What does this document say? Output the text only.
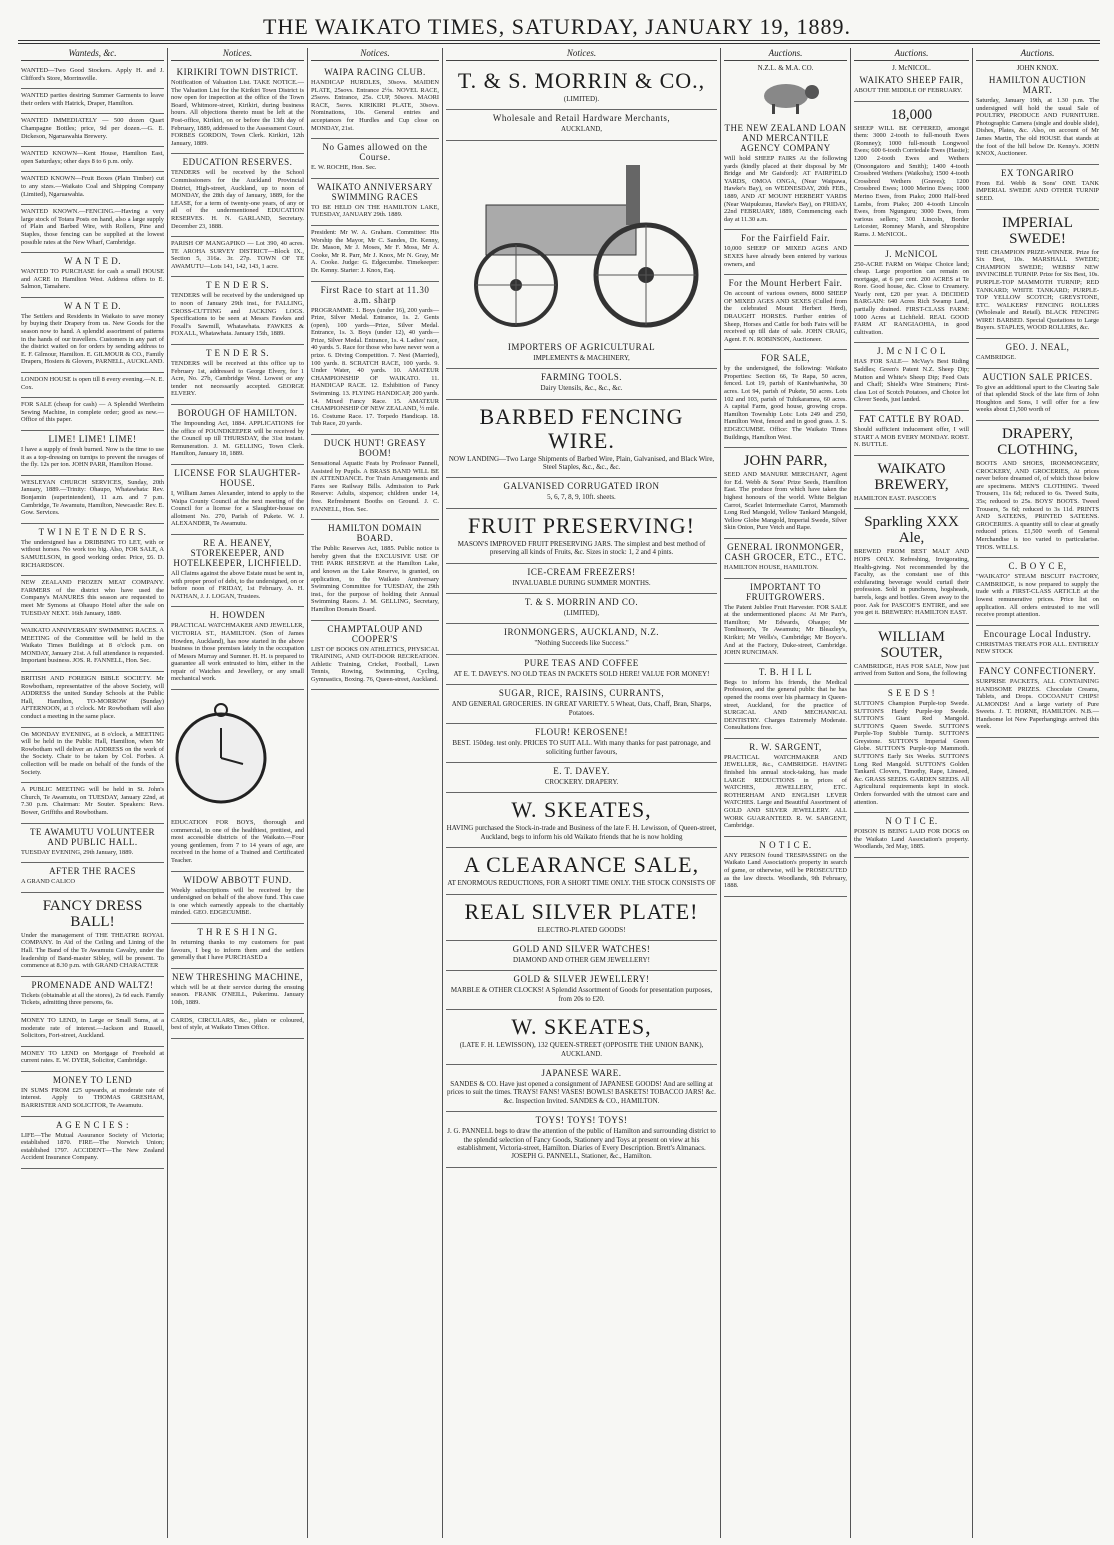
THE WAIKATO TIMES, SATURDAY, JANUARY 19, 1889.
Wanteds, &c.

WANTED—Two Good Stockers. Apply H. and J. Clifford's Store, Morrinsville.

WANTED parties desiring Summer Garments to leave their orders with Hatrick, Draper, Hamilton.

WANTED IMMEDIATELY — 500 dozen Quart Champagne Bottles; price, 9d per dozen.—G. E. Dickeson, Ngaruawahia Brewery.

WANTED KNOWN—Kent House, Hamilton East, open Saturdays; other days 8 to 6 p.m. only.

WANTED KNOWN—Fruit Boxes (Plain Timber) cut to any sizes.—Waikato Coal and Shipping Company (Limited), Ngaruawahia.

WANTED KNOWN.—FENCING.—Having a very large stock of Totara Posts on hand, also a large supply of Plain and Barbed Wire, with Rollers, Pine and Staples, those fencing can be supplied at the lowest possible rates at the New Wharf, Cambridge.

W A N T E D.

WANTED TO PURCHASE for cash a small HOUSE and ACRE in Hamilton West. Address offers to E. Salmon, Tamahere.

W A N T E D.

The Settlers and Residents in Waikato to save money by buying their Drapery from us. New Goods for the season now to hand. A splendid assortment of patterns in the hands of our travellers. Customers in any part of the district waited on for orders by sending address to E. F. Gilmour, Hamilton. E. GILMOUR & CO., Family Drapers, Hosiers & Glovers, PARNELL, AUCKLAND.

LONDON HOUSE is open till 8 every evening.—N. E. Cox.

FOR SALE (cheap for cash) — A Splendid Wertheim Sewing Machine, in complete order; good as new.—Office of this paper.

LIME! LIME! LIME!

I have a supply of fresh burned. Now is the time to use it as a top-dressing on turnips to prevent the ravages of the fly. 12s per ton. JOHN PARR, Hamilton House.

WESLEYAN CHURCH SERVICES, Sunday, 20th January, 1889.—Trinity: Ohaupo, Whatawhata: Rev. Bonjamin (superintendent), 11 a.m. and 7 p.m. Cambridge, Te Awamutu, Hamilton, Newcastle: Rev. E. Gow. Services.

T W I N E T E N D E R S.

The undersigned has a DRIBBING TO LET, with or without horses. No work too big. Also, FOR SALE, A SAMUELSON, in good working order. Price, £6. D. RICHARDSON.

NEW ZEALAND FROZEN MEAT COMPANY. FARMERS of the district who have used the Company's MANURES this season are requested to meet Mr Symons at Ohaupo Hotel after the sale on TUESDAY NEXT. 16th January, 1889.

WAIKATO ANNIVERSARY SWIMMING RACES. A MEETING of the Committee will be held in the Waikato Times Buildings at 8 o'clock p.m. on MONDAY, January 21st. A full attendance is requested. Important business. JOS. R. FANNELL, Hon. Sec.

BRITISH AND FOREIGN BIBLE SOCIETY. Mr Rowbotham, representative of the above Society, will ADDRESS the united Sunday Schools at the Public Hall, Hamilton, TO-MORROW (Sunday) AFTERNOON, at 3 o'clock. Mr Rowbotham will also conduct a meeting in the same place.

On MONDAY EVENING, at 8 o'clock, a MEETING will be held in the Public Hall, Hamilton, when Mr Rowbotham will deliver an ADDRESS on the work of the Society. Chair to be taken by Col. Forbes. A collection will be made on behalf of the funds of the Society.

A PUBLIC MEETING will be held in St. John's Church, Te Awamutu, on TUESDAY, January 22nd, at 7.30 p.m. Chairman: Mr Souter. Speakers: Revs. Bower, Griffiths and Rowbotham.

TE AWAMUTU VOLUNTEER AND PUBLIC HALL.

TUESDAY EVENING, 29th January, 1889.

AFTER THE RACES

A GRAND CALICO

FANCY DRESS BALL!

Under the management of THE THEATRE ROYAL COMPANY. In Aid of the Ceiling and Lining of the Hall. The Band of the Te Awamutu Cavalry, under the leadership of Band-master Sibley, will be present. To commence at 8.30 p.m. with GRAND CHARACTER

PROMENADE AND WALTZ!

Tickets (obtainable at all the stores), 2s 6d each. Family Tickets, admitting three persons, 6s.

MONEY TO LEND, in Large or Small Sums, at a moderate rate of interest.—Jackson and Russell, Solicitors, Fort-street, Auckland.

MONEY TO LEND on Mortgage of Freehold at current rates. E. W. DYER, Solicitor, Cambridge.

MONEY TO LEND

IN SUMS FROM £25 upwards, at moderate rate of interest. Apply to THOMAS GRESHAM, BARRISTER AND SOLICITOR, Te Awamutu.

A G E N C I E S :

LIFE—The Mutual Assurance Society of Victoria; established 1870. FIRE—The Norwich Union; established 1797. ACCIDENT—The New Zealand Accident Insurance Company.

Notices.
KIRIKIRI TOWN DISTRICT.

Notification of Valuation List. TAKE NOTICE.—The Valuation List for the Kirikiri Town District is now open for inspection at the office of the Town Board, Whitmore-street, Kirikiri, during business hours. All objections thereto must be left at the Post-office, Kirikiri, on or before the 13th day of February, 1889, addressed to the Assessment Court. FORBES GORDON, Town Clerk. Kirikiri, 12th January, 1889.

EDUCATION RESERVES.

TENDERS will be received by the School Commissioners for the Auckland Provincial District, High-street, Auckland, up to noon of MONDAY, the 28th day of January, 1889, for the LEASE, for a term of twenty-one years, of any or all of the undermentioned EDUCATION RESERVES. H. N. GARLAND, Secretary. December 23, 1888.

PARISH OF MANGAPIKO — Lot 390, 40 acres. TE AROHA SURVEY DISTRICT—Block IX., Section 5, 316a. 3r. 27p. TOWN OF TE AWAMUTU—Lots 141, 142, 143, 1 acre.

T E N D E R S.

TENDERS will be received by the undersigned up to noon of January 29th inst., for FALLING, CROSS-CUTTING and JACKING LOGS. Specifications to be seen at Messrs Fawkes and Foxall's Sawmill, Whatawhata. FAWKES & FOXALL, Whatawhata. January 15th, 1889.

T E N D E R S.

TENDERS will be received at this office up to February 1st, addressed to George Elvery, for 1 Acre, No. 27b, Cambridge West. Lowest or any tender not necessarily accepted. GEORGE ELVERY.

BOROUGH OF HAMILTON.

The Impounding Act, 1884. APPLICATIONS for the office of POUNDKEEPER will be received by the Council up till THURSDAY, the 31st instant. Remuneration. J. M. GELLING, Town Clerk. Hamilton, January 18, 1889.

LICENSE FOR SLAUGHTER-HOUSE.

I, William James Alexander, intend to apply to the Waipa County Council at the next meeting of the Council for a license for a Slaughter-house on allotment No. 270, Parish of Pukete. W. J. ALEXANDER, Te Awamutu.

RE A. HEANEY, STOREKEEPER, AND HOTELKEEPER, LICHFIELD.

All Claims against the above Estate must be sent in, with proper proof of debt, to the undersigned, on or before noon of FRIDAY, 1st February. A. H. NATHAN, J. J. LOGAN, Trustees.

H. HOWDEN

PRACTICAL WATCHMAKER AND JEWELLER, VICTORIA ST., HAMILTON. (Son of James Howden, Auckland), has now started in the above business in those premises lately in the occupation of Messrs Murray and Sumner. H. H. is prepared to guarantee all work entrusted to him, either in the repair of Watches and Jewellery, or any small mechanical work.

EDUCATION FOR BOYS, thorough and commercial, in one of the healthiest, prettiest, and most accessible districts of the Waikato.—Four young gentlemen, from 7 to 14 years of age, are received in the home of a Trained and Certificated Teacher.

WIDOW ABBOTT FUND.

Weekly subscriptions will be received by the undersigned on behalf of the above fund. This case is one which earnestly appeals to the charitably minded. GEO. EDGECUMBE.

T H R E S H I N G.

In returning thanks to my customers for past favours, I beg to inform them and the settlers generally that I have PURCHASED a

NEW THRESHING MACHINE,

which will be at their service during the ensuing season. FRANK O'NEILL, Pukerimu. January 10th, 1889.

CARDS, CIRCULARS, &c., plain or coloured, best of style, at Waikato Times Office.

Notices.
WAIPA RACING CLUB.

HANDICAP HURDLES, 30sovs. MAIDEN PLATE, 25sovs. Entrance 2½s. NOVEL RACE, 25sovs. Entrance, 25s. CUP, 50sovs. MAORI RACE, 5sovs. KIRIKIRI PLATE, 30sovs. Nominations, 10s. General entries and acceptances for Hurdles and Cup close on MONDAY, 21st.

No Games allowed on the Course.

E. W. ROCHE, Hon. Sec.

WAIKATO ANNIVERSARY SWIMMING RACES

TO BE HELD ON THE HAMILTON LAKE, TUESDAY, JANUARY 29th. 1889.

President: Mr W. A. Graham. Committee: His Worship the Mayor, Mr C. Sandes, Dr. Kenny, Dr. Mason, Mr J. Moses, Mr F. Moss, Mr A. Cooke, Mr R. Parr, Mr J. Knox, Mr N. Gray, Mr A. Cooke. Judge: G. Edgecumbe. Timekeeper: Dr. Kenny. Starter: J. Knox, Esq.

First Race to start at 11.30 a.m. sharp

PROGRAMME: 1. Boys (under 16), 200 yards—Prize, Silver Medal. Entrance, 1s. 2. Gents (open), 100 yards—Prize, Silver Medal. Entrance, 1s. 3. Boys (under 12), 40 yards—Prize, Silver Medal. Entrance, 1s. 4. Ladies' race, 40 yards. 5. Race for those who have never won a prize. 6. Diving Competition. 7. Nest (Married), 100 yards. 8. SCRATCH RACE, 100 yards. 9. Under Water, 40 yards. 10. AMATEUR CHAMPIONSHIP OF WAIKATO. 11. HANDICAP RACE. 12. Exhibition of Fancy Swimming. 13. FLYING HANDICAP, 200 yards. 14. Mixed Fancy Race. 15. AMATEUR CHAMPIONSHIP OF NEW ZEALAND, ½ mile. 16. Costume Race. 17. Torpedo Handicap. 18. Tub Race, 20 yards.

DUCK HUNT! GREASY BOOM!

Sensational Aquatic Feats by Professor Pannell, Assisted by Pupils. A BRASS BAND WILL BE IN ATTENDANCE. For Train Arrangements and Fares see Railway Bills. Admission to Park Reserve: Adults, sixpence; children under 14, free. Refreshment Booths on Ground. J. C. FANNELL, Hon. Sec.

HAMILTON DOMAIN BOARD.

The Public Reserves Act, 1885. Public notice is hereby given that the EXCLUSIVE USE OF THE PARK RESERVE at the Hamilton Lake, and known as the Lake Reserve, is granted, on application, to the Waikato Anniversary Swimming Committee for TUESDAY, the 29th inst., for the purpose of holding their Annual Swimming Races. J. M. GELLING, Secretary, Hamilton Domain Board.

CHAMPTALOUP AND COOPER'S

LIST OF BOOKS ON ATHLETICS, PHYSICAL TRAINING, AND OUT-DOOR RECREATION. Athletic Training, Cricket, Football, Lawn Tennis, Rowing, Swimming, Cycling, Gymnastics, Boxing. 76, Queen-street, Auckland.

Notices.
T. & S. MORRIN & CO.,

(LIMITED).

Wholesale and Retail Hardware Merchants,

AUCKLAND,

IMPORTERS OF AGRICULTURAL

IMPLEMENTS & MACHINERY,

FARMING TOOLS.

Dairy Utensils, &c., &c., &c.

BARBED FENCING WIRE.

NOW LANDING—Two Large Shipments of Barbed Wire, Plain, Galvanised, and Black Wire, Steel Staples, &c., &c., &c.

GALVANISED CORRUGATED IRON

5, 6, 7, 8, 9, 10ft. sheets.

FRUIT PRESERVING!

MASON'S IMPROVED FRUIT PRESERVING JARS. The simplest and best method of preserving all kinds of Fruits, &c. Sizes in stock: 1, 2 and 4 pints.

ICE-CREAM FREEZERS!

INVALUABLE DURING SUMMER MONTHS.

T. & S. MORRIN AND CO.

(LIMITED),

IRONMONGERS, AUCKLAND, N.Z.

"Nothing Succeeds like Success."

PURE TEAS AND COFFEE

AT E. T. DAVEY'S. NO OLD TEAS IN PACKETS SOLD HERE! VALUE FOR MONEY!

SUGAR, RICE, RAISINS, CURRANTS,

AND GENERAL GROCERIES. IN GREAT VARIETY. 5 Wheat, Oats, Chaff, Bran, Sharps, Potatoes.

FLOUR! KEROSENE!

BEST. 150deg. test only. PRICES TO SUIT ALL. With many thanks for past patronage, and soliciting further favours,

E. T. DAVEY.

CROCKERY. DRAPERY.

W. SKEATES,

HAVING purchased the Stock-in-trade and Business of the late F. H. Lewisson, of Queen-street, Auckland, begs to inform his old Waikato friends that he is now holding

A CLEARANCE SALE,

AT ENORMOUS REDUCTIONS, FOR A SHORT TIME ONLY. THE STOCK CONSISTS OF

REAL SILVER PLATE!

ELECTRO-PLATED GOODS!

GOLD AND SILVER WATCHES!

DIAMOND AND OTHER GEM JEWELLERY!

GOLD & SILVER JEWELLERY!

MARBLE & OTHER CLOCKS! A Splendid Assortment of Goods for presentation purposes, from 20s to £20.

W. SKEATES,

(LATE F. H. LEWISSON), 132 QUEEN-STREET (OPPOSITE THE UNION BANK), AUCKLAND.

JAPANESE WARE.

SANDES & CO. Have just opened a consignment of JAPANESE GOODS! And are selling at prices to suit the times. TRAYS! FANS! VASES! BOWLS! BASKETS! TOBACCO JARS! &c. &c. Inspection Invited. SANDES & CO., HAMILTON.

TOYS! TOYS! TOYS!

J. G. PANNELL begs to draw the attention of the public of Hamilton and surrounding district to the splendid selection of Fancy Goods, Stationery and Toys at present on view at his establishment, Victoria-street, Hamilton. Diaries of Every Description. Brett's Almanacs. JOSEPH G. PANNELL, Stationer, &c., Hamilton.

Auctions.
N.Z.L. & M.A. CO.
THE NEW ZEALAND LOAN AND MERCANTILE AGENCY COMPANY

Will hold SHEEP FAIRS At the following yards (kindly placed at their disposal by Mr Bridge and Mr Gaisford): AT FAIRFIELD YARDS, OMOA ONGA, (Near Waipawa, Hawke's Bay), on WEDNESDAY, 20th FEB., 1889, AND AT MOUNT HERBERT YARDS (Near Waipukurau, Hawke's Bay), on FRIDAY, 22nd FEBRUARY, 1889, Commencing each day at 11.30 a.m.

For the Fairfield Fair.

10,000 SHEEP OF MIXED AGES AND SEXES have already been entered by various owners, and

For the Mount Herbert Fair.

On account of various owners, 8000 SHEEP OF MIXED AGES AND SEXES (Culled from the celebrated Mount Herbert Herd), DRAUGHT HORSES. Further entries of Sheep, Horses and Cattle for both Fairs will be received up till date of sale. JOHN CRAIG, Agent. F. N. ROBINSON, Auctioneer.

FOR SALE,

by the undersigned, the following: Waikato Properties: Section 66, Te Rapa, 50 acres, fenced. Lot 19, parish of Kaniwhaniwha, 30 acres. Lot 94, parish of Pukete, 50 acres. Lots 102 and 103, parish of Tuhikaramea, 60 acres. A capital Farm, good house, growing crops. Hamilton Township Lots: Lots 249 and 250, Hamilton West, fenced and in good grass. J. S. EDGECUMBE. Office: The Waikato Times Buildings, Hamilton West.

JOHN PARR,

SEED AND MANURE MERCHANT, Agent for Ed. Webb & Sons' Prize Seeds, Hamilton East. The produce from which have taken the highest honours of the world. White Belgian Carrot, Scarlet Intermediate Carrot, Mammoth Long Red Mangold, Yellow Tankard Mangold, Yellow Globe Mangold, Imperial Swede, Silver Skin Onion, Pure Vetch and Rape.

GENERAL IRONMONGER, CASH GROCER, ETC., ETC.

HAMILTON HOUSE, HAMILTON.

IMPORTANT TO FRUITGROWERS.

The Patent Jubilee Fruit Harvester. FOR SALE at the undermentioned places: At Mr Parr's, Hamilton; Mr Edwards, Ohaupo; Mr Tomlinson's, Te Awamutu; Mr Bleazley's, Kirikiri; Mr Wells's, Cambridge; Mr Boyce's. And at the Factory, Duke-street, Cambridge. JOHN RUNCIMAN.

T. B. H I L L

Begs to inform his friends, the Medical Profession, and the general public that he has opened the rooms over his pharmacy in Queen-street, Auckland, for the practice of SURGICAL AND MECHANICAL DENTISTRY. Charges Extremely Moderate. Consultations free.

R. W. SARGENT,

PRACTICAL WATCHMAKER AND JEWELLER, &c., CAMBRIDGE. HAVING finished his annual stock-taking, has made LARGE REDUCTIONS in prices of WATCHES, JEWELLERY, ETC. ROTHERHAM AND ENGLISH LEVER WATCHES. Large and Beautiful Assortment of GOLD AND SILVER JEWELLERY. ALL WORK GUARANTEED. R. W. SARGENT, Cambridge.

N O T I C E.

ANY PERSON found TRESPASSING on the Waikato Land Association's property in search of game, or otherwise, will be PROSECUTED as the law directs. Woodlands, 9th February, 1888.

Auctions.
J. McNICOL.
WAIKATO SHEEP FAIR,

ABOUT THE MIDDLE OF FEBRUARY.

18,000

SHEEP WILL BE OFFERED, amongst them: 3000 2-tooth to full-mouth Ewes (Romney); 1000 full-mouth Longwool Ewes; 600 6-tooth Corriedale Ewes (Hastie); 1200 2-tooth Ewes and Wethers (Onoongatoro and Smith); 1400 4-tooth Crossbred Wethers (Waikohu); 1500 4-tooth Crossbred Wethers (Graves); 1200 Crossbred Ewes; 1000 Merino Ewes; 1000 Merino Ewes, from Piako; 2000 Half-bred Lambs, from Piako; 200 4-tooth Lincoln Ewes, from Ngunguru; 3000 Ewes, from various sellers; 300 Lincoln, Border Leicester, Romney Marsh, and Shropshire Rams. J. McNICOL.

J. McNICOL

250-ACRE FARM on Waipa: Choice land; cheap. Large proportion can remain on mortgage, at 6 per cent. 200 ACRES at Te Rore. Good house, &c. Close to Creamery. Yearly rent, £20 per year. A DECIDED BARGAIN: 640 Acres Rich Swamp Land, partially drained. FIRST-CLASS FARM: 1000 Acres at Lichfield. REAL GOOD FARM AT RANGIAOHIA, in good cultivation.

J. M c N I C O L

HAS FOR SALE— McVay's Best Riding Saddles; Green's Patent N.Z. Sheep Dip; Mutton and White's Sheep Dip; Feed Oats and Chaff; Shield's Wire Strainers; First-class Lot of Scotch Potatoes, and Choice lot Clover Seeds, just landed.

FAT CATTLE BY ROAD.

Should sufficient inducement offer, I will START A MOB EVERY MONDAY. ROBT. N. BUTTLE.

WAIKATO BREWERY,

HAMILTON EAST. PASCOE'S

Sparkling XXX Ale,

BREWED FROM BEST MALT AND HOPS ONLY. Refreshing, Invigorating, Health-giving. Not recommended by the Faculty, as the constant use of this exhilarating beverage would curtail their profession. Sold in puncheons, hogsheads, barrels, kegs and bottles. Given away to the poor. Ask for PASCOE'S ENTIRE, and see you get it. BREWERY: HAMILTON EAST.

WILLIAM SOUTER,

CAMBRIDGE, HAS FOR SALE, Now just arrived from Sutton and Sons, the following

S E E D S !

SUTTON'S Champion Purple-top Swede. SUTTON'S Hardy Purple-top Swede. SUTTON'S Giant Red Mangold. SUTTON'S Queen Swede. SUTTON'S Purple-Top Stubble Turnip. SUTTON'S Greystone. SUTTON'S Imperial Green Globe. SUTTON'S Purple-top Mammoth. SUTTON'S Early Six Weeks. SUTTON'S Long Red Mangold. SUTTON'S Golden Tankard. Clovers, Timothy, Rape, Linseed, &c. GRASS SEEDS. GARDEN SEEDS. All Agricultural requirements kept in stock. Orders forwarded with the utmost care and attention.

N O T I C E.

POISON IS BEING LAID FOR DOGS on the Waikato Land Association's property. Woodlands, 3rd May, 1885.

Auctions.
JOHN KNOX.
HAMILTON AUCTION MART.

Saturday, January 19th, at 1.30 p.m. The undersigned will hold the usual Sale of POULTRY, PRODUCE AND FURNITURE. Photographic Camera (single and double slide), Dishes, Plates, &c. Also, on account of Mr James Martin, The old HOUSE that stands at the foot of the hill below Dr. Kenny's. JOHN KNOX, Auctioneer.

EX TONGARIRO

From Ed. Webb & Sons' ONE TANK IMPERIAL SWEDE AND OTHER TURNIP SEED.

IMPERIAL SWEDE!

THE CHAMPION PRIZE-WINNER. Prize for Six Best, 10s. MARSHALL SWEDE; CHAMPION SWEDE; WEBBS' NEW INVINCIBLE TURNIP. Prize for Six Best, 10s. PURPLE-TOP MAMMOTH TURNIP; RED TANKARD; WHITE TANKARD; PURPLE-TOP YELLOW SCOTCH; GREYSTONE, ETC. WALKERS' FENCING ROLLERS (Wholesale and Retail). BLACK FENCING WIRE! BARBED. Special Quotations to Large Buyers. STAPLES, WOOD ROLLERS, &c.

GEO. J. NEAL,

CAMBRIDGE.

AUCTION SALE PRICES.

To give an additional spurt to the Clearing Sale of that splendid Stock of the late firm of John Houghton and Sons, I will offer for a few weeks about £1,500 worth of

DRAPERY, CLOTHING,

BOOTS AND SHOES, IRONMONGERY, CROCKERY, AND GROCERIES, At prices never before dreamed of, of which those below are specimens. MEN'S CLOTHING. Tweed Trousers, 11s 6d; reduced to 6s. Tweed Suits, 35s; reduced to 25s. BOYS' BOOTS. Tweed Trousers, 5s 6d; reduced to 3s 11d. PRINTS AND SATEENS, PRINTED SATEENS. GROCERIES. A quantity still to clear at greatly reduced prices. £1,500 worth of General Merchandise is too varied to particularise. THOS. WELLS.

C. B O Y C E,

"WAIKATO" STEAM BISCUIT FACTORY, CAMBRIDGE, is now prepared to supply the trade with a FIRST-CLASS ARTICLE at the lowest remunerative prices. Price list on application. All orders entrusted to me will receive prompt attention.

Encourage Local Industry.

CHRISTMAS TREATS FOR ALL. ENTIRELY NEW STOCK

FANCY CONFECTIONERY.

SURPRISE PACKETS, ALL CONTAINING HANDSOME PRIZES. Chocolate Creams, Tablets, and Drops. COCOANUT CHIPS! ALMONDS! And a large variety of Pure Sweets. J. T. HORNE, HAMILTON. N.B.—Handsome lot New Paperhangings arrived this week.
